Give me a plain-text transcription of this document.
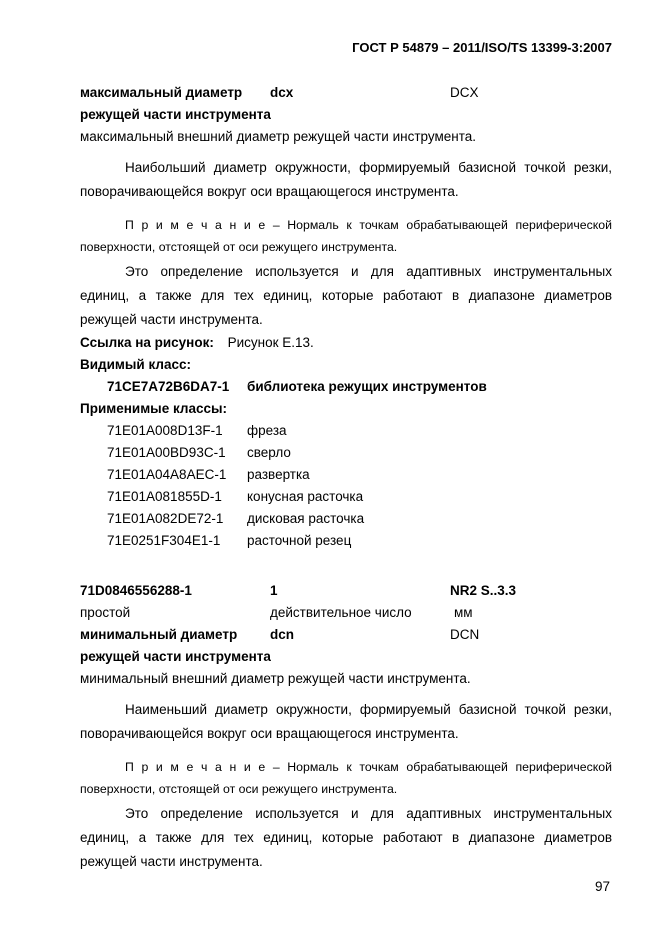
ГОСТ Р 54879 – 2011/ISO/TS 13399-3:2007
максимальный диаметр	dcx	DCX
режущей части инструмента
максимальный внешний диаметр режущей части инструмента.

Наибольший диаметр окружности, формируемый базисной точкой резки, поворачивающейся вокруг оси вращающегося инструмента.

П р и м е ч а н и е – Нормаль к точкам обрабатывающей периферической поверхности, отстоящей от оси режущего инструмента.

Это определение используется и для адаптивных инструментальных единиц, а также для тех единиц, которые работают в диапазоне диаметров режущей части инструмента.

Ссылка на рисунок: Рисунок Е.13.
Видимый класс:
71CE7A72B6DA7-1	библиотека режущих инструментов
Применимые классы:
71E01A008D13F-1	фреза
71E01A00BD93C-1	сверло
71E01A04A8AEC-1	развертка
71E01A081855D-1	конусная расточка
71E01A082DE72-1	дисковая расточка
71E0251F304E1-1	расточной резец
71D0846556288-1	1	NR2 S..3.3
простой	действительное число	мм
минимальный диаметр	dcn	DCN
режущей части инструмента
минимальный внешний диаметр режущей части инструмента.

Наименьший диаметр окружности, формируемый базисной точкой резки, поворачивающейся вокруг оси вращающегося инструмента.

П р и м е ч а н и е – Нормаль к точкам обрабатывающей периферической поверхности, отстоящей от оси режущего инструмента.

Это определение используется и для адаптивных инструментальных единиц, а также для тех единиц, которые работают в диапазоне диаметров режущей части инструмента.

97
